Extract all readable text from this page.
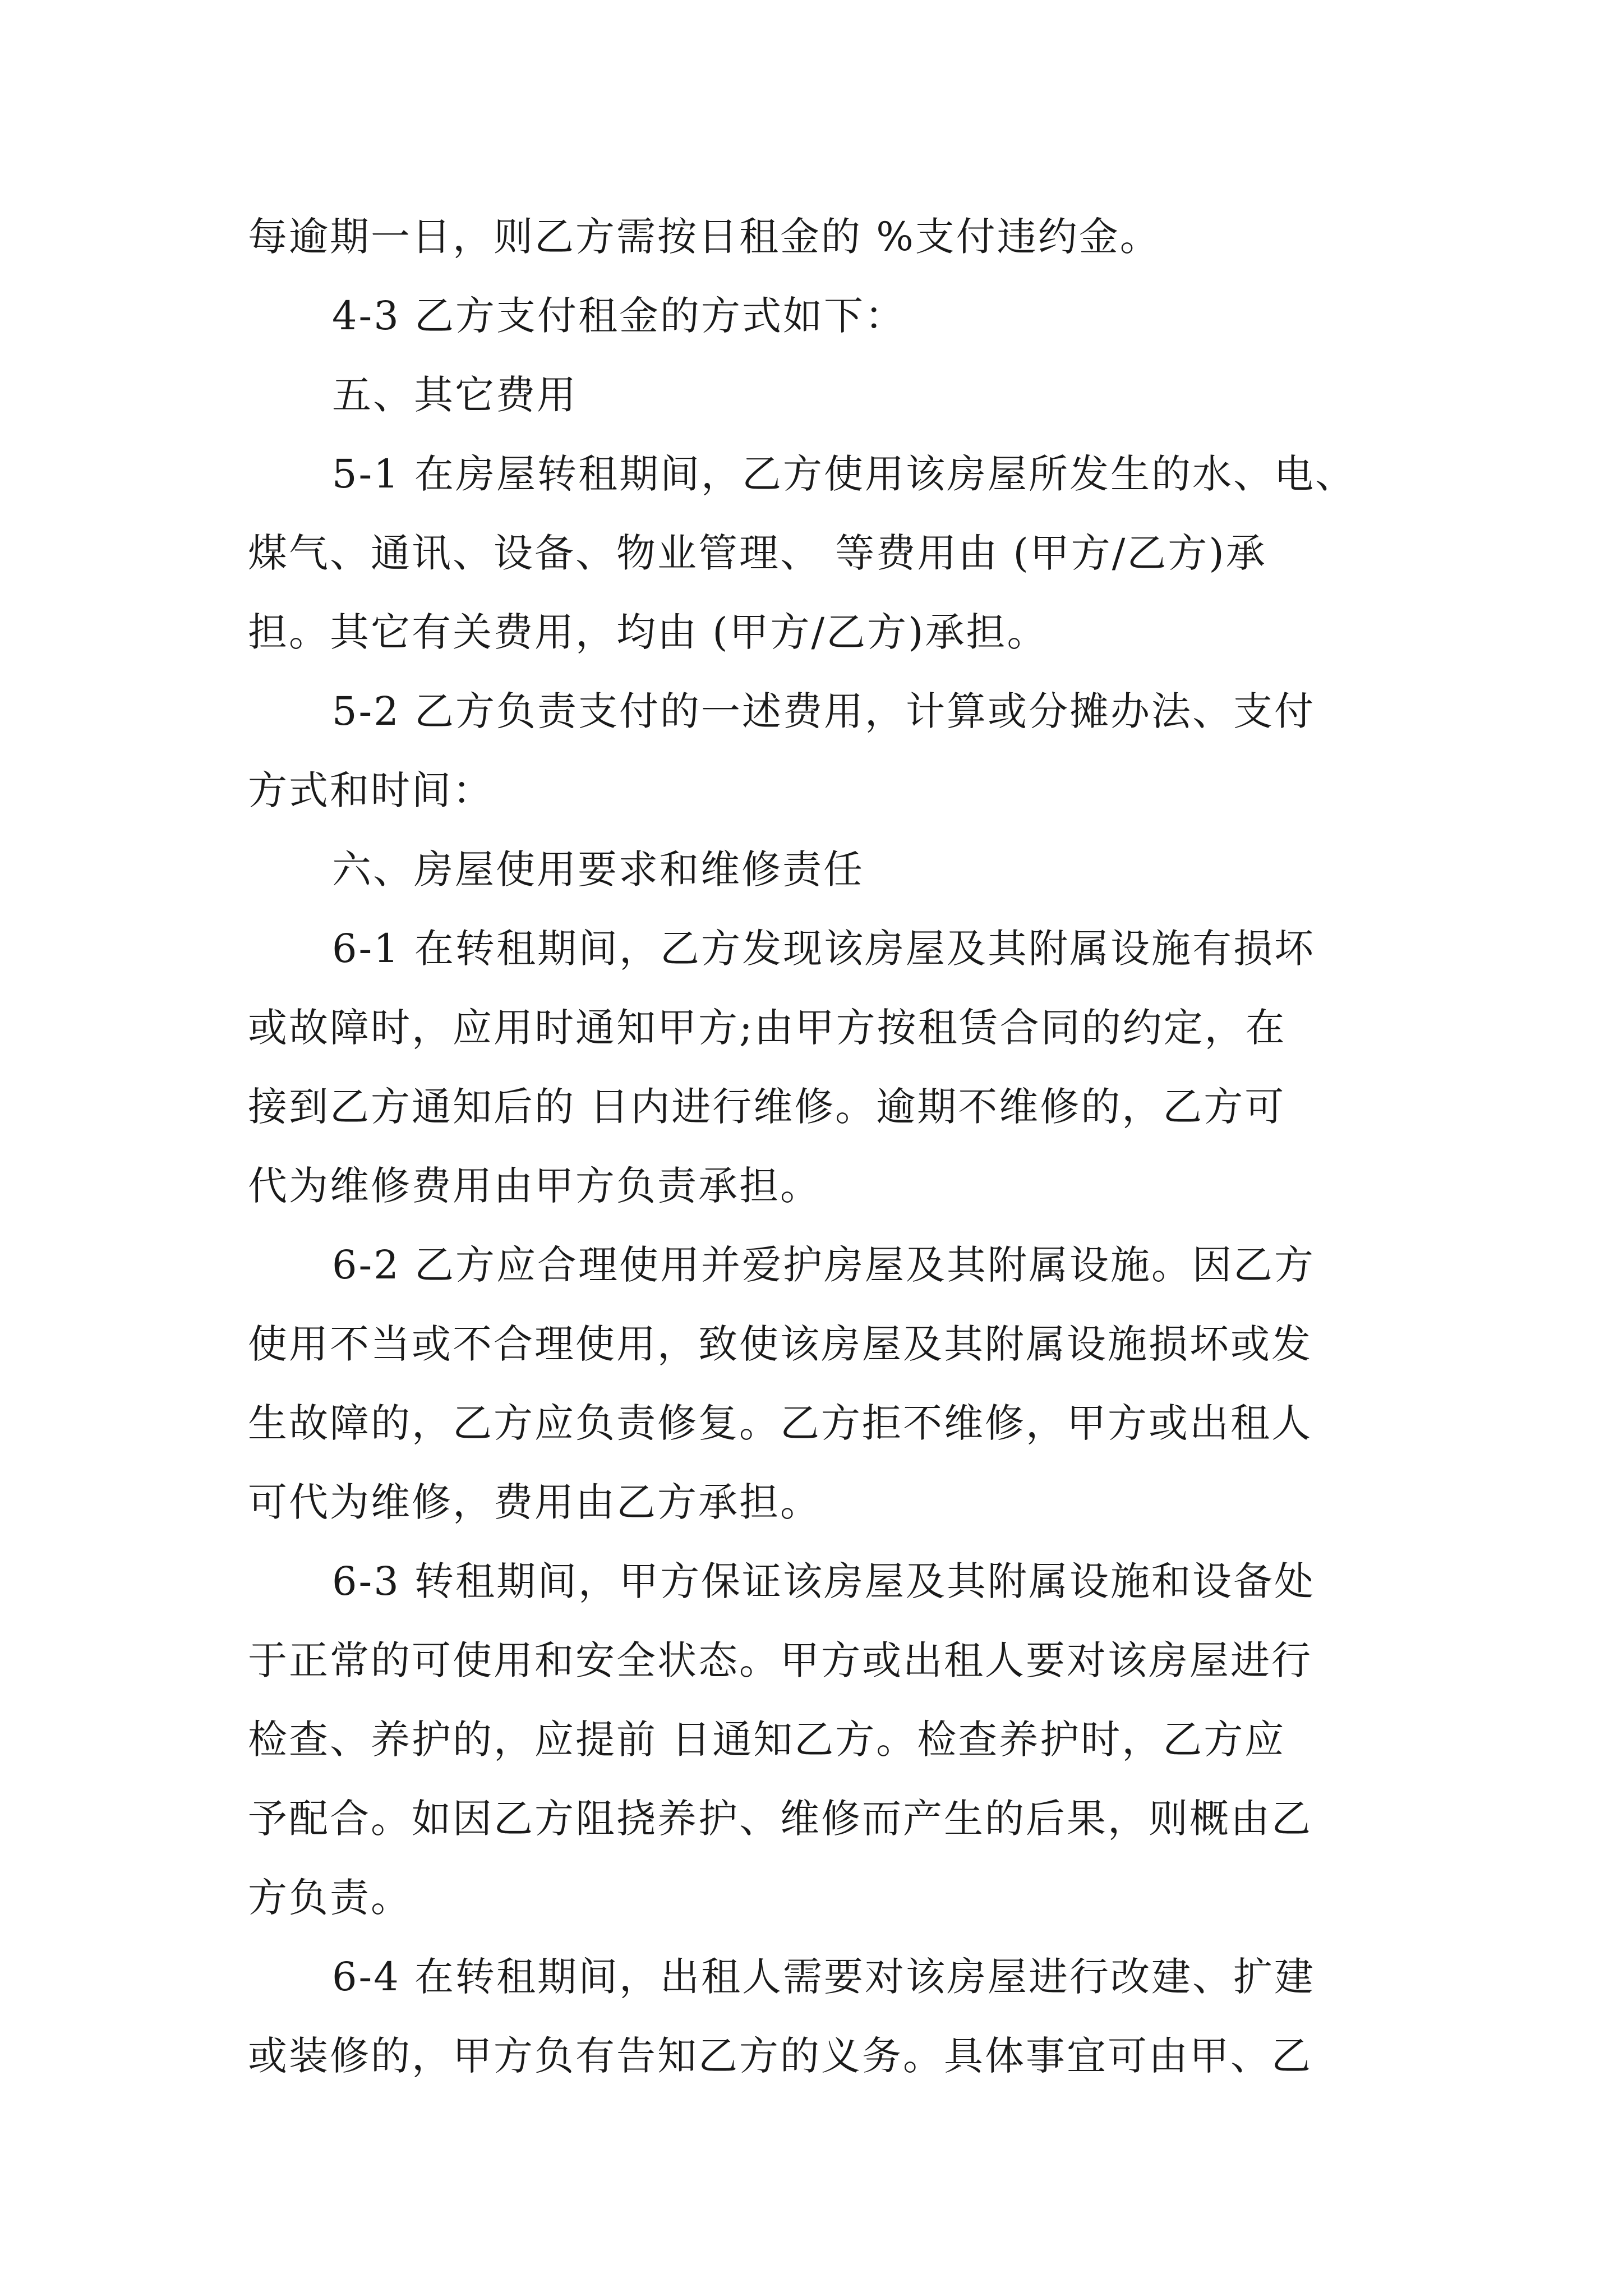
每逾期一日，则乙方需按日租金的 %支付违约金。
4-3 乙方支付租金的方式如下：
五、其它费用
5-1 在房屋转租期间，乙方使用该房屋所发生的水、电、
煤气、通讯、设备、物业管理、 等费用由 (甲方/乙方)承
担。其它有关费用，均由 (甲方/乙方)承担。
5-2 乙方负责支付的一述费用，计算或分摊办法、支付
方式和时间：
六、房屋使用要求和维修责任
6-1 在转租期间，乙方发现该房屋及其附属设施有损坏
或故障时，应用时通知甲方;由甲方按租赁合同的约定，在
接到乙方通知后的 日内进行维修。逾期不维修的，乙方可
代为维修费用由甲方负责承担。
6-2 乙方应合理使用并爱护房屋及其附属设施。因乙方
使用不当或不合理使用，致使该房屋及其附属设施损坏或发
生故障的，乙方应负责修复。乙方拒不维修，甲方或出租人
可代为维修，费用由乙方承担。
6-3 转租期间，甲方保证该房屋及其附属设施和设备处
于正常的可使用和安全状态。甲方或出租人要对该房屋进行
检查、养护的，应提前 日通知乙方。检查养护时，乙方应
予配合。如因乙方阻挠养护、维修而产生的后果，则概由乙
方负责。
6-4 在转租期间，出租人需要对该房屋进行改建、扩建
或装修的，甲方负有告知乙方的义务。具体事宜可由甲、乙
